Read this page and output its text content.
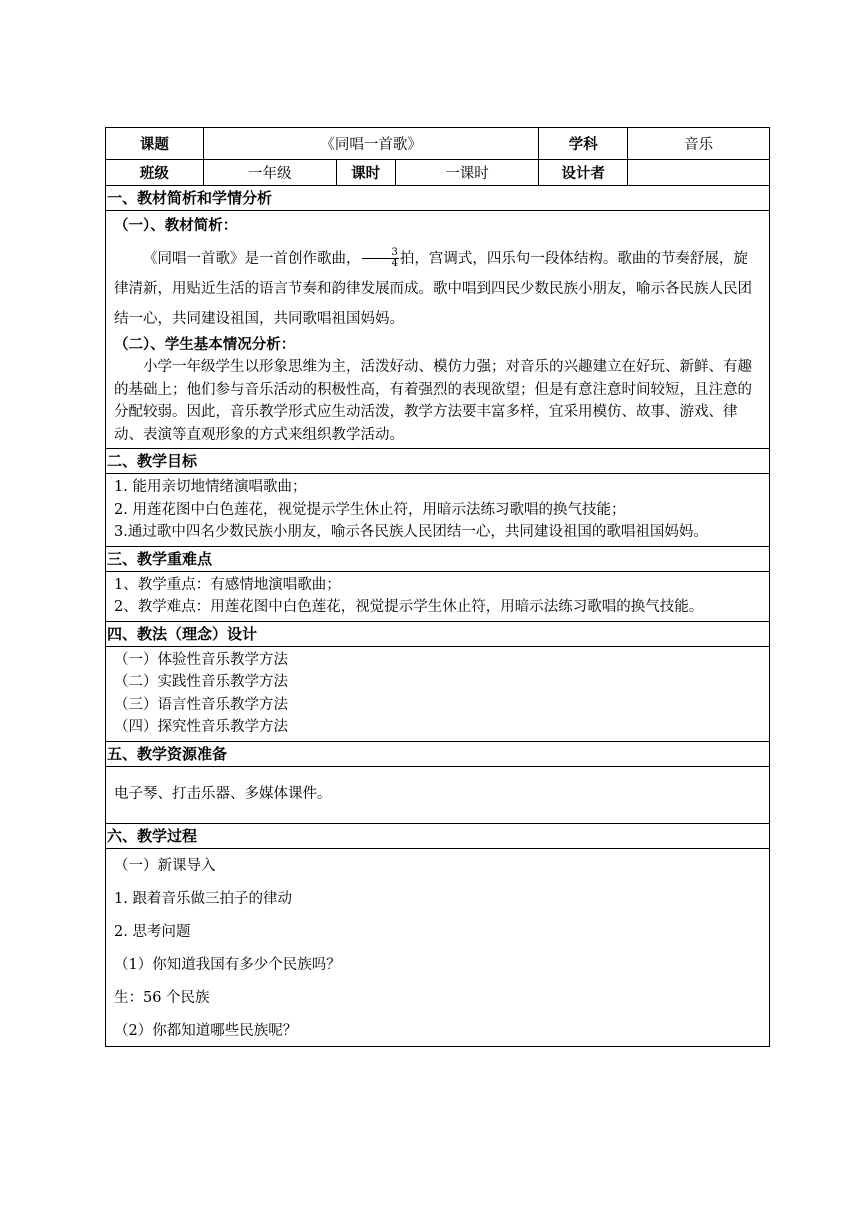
课题	《同唱一首歌》	学科	音乐
班级	一年级	课时	一课时	设计者
一、教材简析和学情分析
（一）、教材简析：
《同唱一首歌》是一首创作歌曲， $\frac{3}{4}$ 拍，宫调式，四乐句一段体结构。歌曲的节奏舒展，旋律清新，用贴近生活的语言节奏和韵律发展而成。歌中唱到四民少数民族小朋友，喻示各民族人民团结一心，共同建设祖国，共同歌唱祖国妈妈。
（二）、学生基本情况分析：
小学一年级学生以形象思维为主，活泼好动、模仿力强；对音乐的兴趣建立在好玩、新鲜、有趣的基础上；他们参与音乐活动的积极性高，有着强烈的表现欲望；但是有意注意时间较短，且注意的分配较弱。因此，音乐教学形式应生动活泼，教学方法要丰富多样，宜采用模仿、故事、游戏、律动、表演等直观形象的方式来组织教学活动。
二、教学目标
1. 能用亲切地情绪演唱歌曲；
2. 用莲花图中白色莲花，视觉提示学生休止符，用暗示法练习歌唱的换气技能；
3.通过歌中四名少数民族小朋友，喻示各民族人民团结一心，共同建设祖国的歌唱祖国妈妈。
三、教学重难点
1、教学重点：有感情地演唱歌曲；
2、教学难点：用莲花图中白色莲花，视觉提示学生休止符，用暗示法练习歌唱的换气技能。
四、教法（理念）设计
（一）体验性音乐教学方法
（二）实践性音乐教学方法
（三）语言性音乐教学方法
（四）探究性音乐教学方法
五、教学资源准备
电子琴、打击乐器、多媒体课件。
六、教学过程

（一）新课导入

1. 跟着音乐做三拍子的律动

2. 思考问题

（1）你知道我国有多少个民族吗？

生：56 个民族

（2）你都知道哪些民族呢？
